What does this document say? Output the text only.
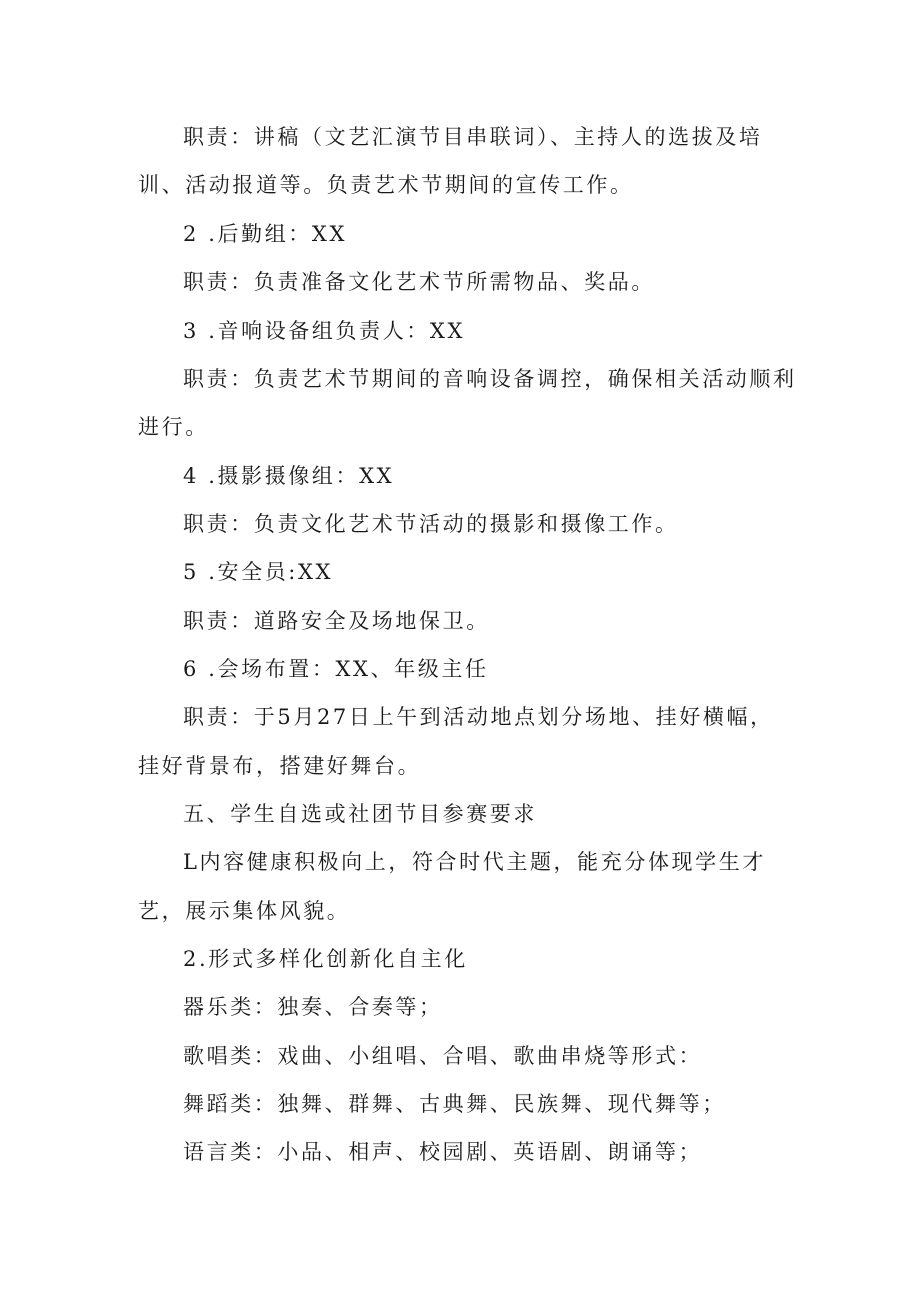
职责：讲稿（文艺汇演节目串联词）、主持人的选拔及培

训、活动报道等。负责艺术节期间的宣传工作。

2 .后勤组：XX

职责：负责准备文化艺术节所需物品、奖品。

3 .音响设备组负责人：XX

职责：负责艺术节期间的音响设备调控，确保相关活动顺利

进行。

4 .摄影摄像组：XX

职责：负责文化艺术节活动的摄影和摄像工作。

5 .安全员:XX

职责：道路安全及场地保卫。

6 .会场布置：XX、年级主任

职责：于5月27日上午到活动地点划分场地、挂好横幅，

挂好背景布，搭建好舞台。

五、学生自选或社团节目参赛要求

L内容健康积极向上，符合时代主题，能充分体现学生才

艺，展示集体风貌。

2.形式多样化创新化自主化

器乐类：独奏、合奏等；

歌唱类：戏曲、小组唱、合唱、歌曲串烧等形式：

舞蹈类：独舞、群舞、古典舞、民族舞、现代舞等；

语言类：小品、相声、校园剧、英语剧、朗诵等；
